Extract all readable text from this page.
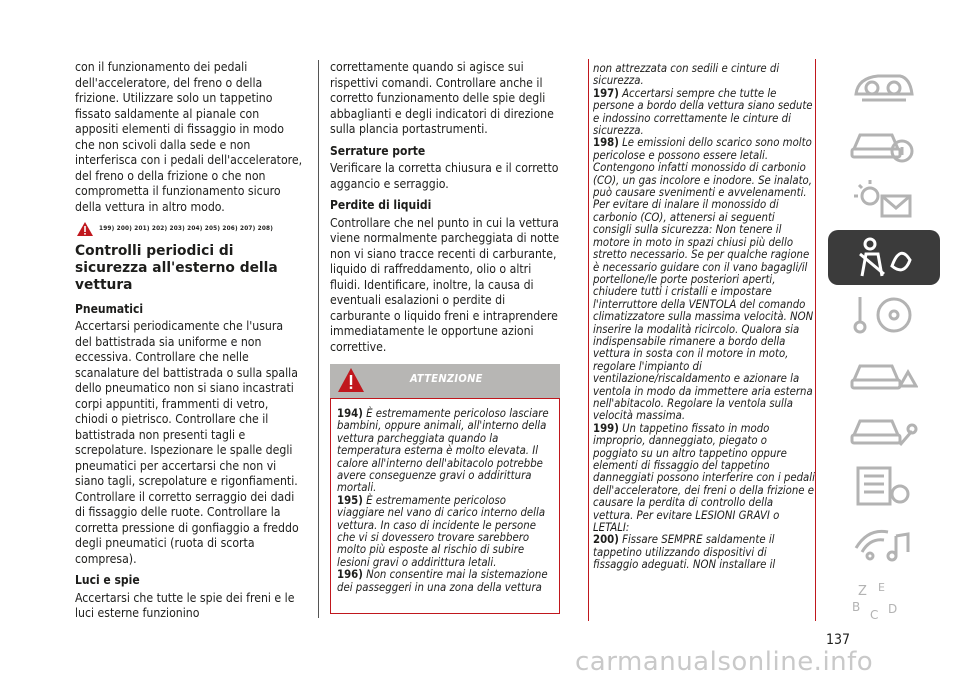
con il funzionamento dei pedali dell'acceleratore, del freno o della frizione. Utilizzare solo un tappetino fissato saldamente al pianale con appositi elementi di fissaggio in modo che non scivoli dalla sede e non interferisca con i pedali dell'acceleratore, del freno o della frizione o che non comprometta il funzionamento sicuro della vettura in altro modo.

199) 200) 201) 202) 203) 204) 205) 206) 207) 208)
Controlli periodici di sicurezza all'esterno della vettura
Pneumatici

Accertarsi periodicamente che l'usura del battistrada sia uniforme e non eccessiva. Controllare che nelle scanalature del battistrada o sulla spalla dello pneumatico non si siano incastrati corpi appuntiti, frammenti di vetro, chiodi o pietrisco. Controllare che il battistrada non presenti tagli e screpolature. Ispezionare le spalle degli pneumatici per accertarsi che non vi siano tagli, screpolature e rigonfiamenti. Controllare il corretto serraggio dei dadi di fissaggio delle ruote. Controllare la corretta pressione di gonfiaggio a freddo degli pneumatici (ruota di scorta compresa).

Luci e spie

Accertarsi che tutte le spie dei freni e le luci esterne funzionino

correttamente quando si agisce sui rispettivi comandi. Controllare anche il corretto funzionamento delle spie degli abbaglianti e degli indicatori di direzione sulla plancia portastrumenti.

Serrature porte

Verificare la corretta chiusura e il corretto aggancio e serraggio.

Perdite di liquidi

Controllare che nel punto in cui la vettura viene normalmente parcheggiata di notte non vi siano tracce recenti di carburante, liquido di raffreddamento, olio o altri fluidi. Identificare, inoltre, la causa di eventuali esalazioni o perdite di carburante o liquido freni e intraprendere immediatamente le opportune azioni correttive.

ATTENZIONE

194) È estremamente pericoloso lasciare bambini, oppure animali, all'interno della vettura parcheggiata quando la temperatura esterna è molto elevata. Il calore all'interno dell'abitacolo potrebbe avere conseguenze gravi o addirittura mortali.

195) È estremamente pericoloso viaggiare nel vano di carico interno della vettura. In caso di incidente le persone che vi si dovessero trovare sarebbero molto più esposte al rischio di subire lesioni gravi o addirittura letali.

196) Non consentire mai la sistemazione dei passeggeri in una zona della vettura

non attrezzata con sedili e cinture di sicurezza.

197) Accertarsi sempre che tutte le persone a bordo della vettura siano sedute e indossino correttamente le cinture di sicurezza.

198) Le emissioni dello scarico sono molto pericolose e possono essere letali. Contengono infatti monossido di carbonio (CO), un gas incolore e inodore. Se inalato, può causare svenimenti e avvelenamenti. Per evitare di inalare il monossido di carbonio (CO), attenersi ai seguenti consigli sulla sicurezza: Non tenere il motore in moto in spazi chiusi più dello stretto necessario. Se per qualche ragione è necessario guidare con il vano bagagli/il portellone/le porte posteriori aperti, chiudere tutti i cristalli e impostare l'interruttore della VENTOLA del comando climatizzatore sulla massima velocità. NON inserire la modalità ricircolo. Qualora sia indispensabile rimanere a bordo della vettura in sosta con il motore in moto, regolare l'impianto di ventilazione/riscaldamento e azionare la ventola in modo da immettere aria esterna nell'abitacolo. Regolare la ventola sulla velocità massima.

199) Un tappetino fissato in modo improprio, danneggiato, piegato o poggiato su un altro tappetino oppure elementi di fissaggio del tappetino danneggiati possono interferire con i pedali dell'acceleratore, dei freni o della frizione e causare la perdita di controllo della vettura. Per evitare LESIONI GRAVI o LETALI:

200) Fissare SEMPRE saldamente il tappetino utilizzando dispositivi di fissaggio adeguati. NON installare il

Z E
B
C D
137
carmanualsonline.info
